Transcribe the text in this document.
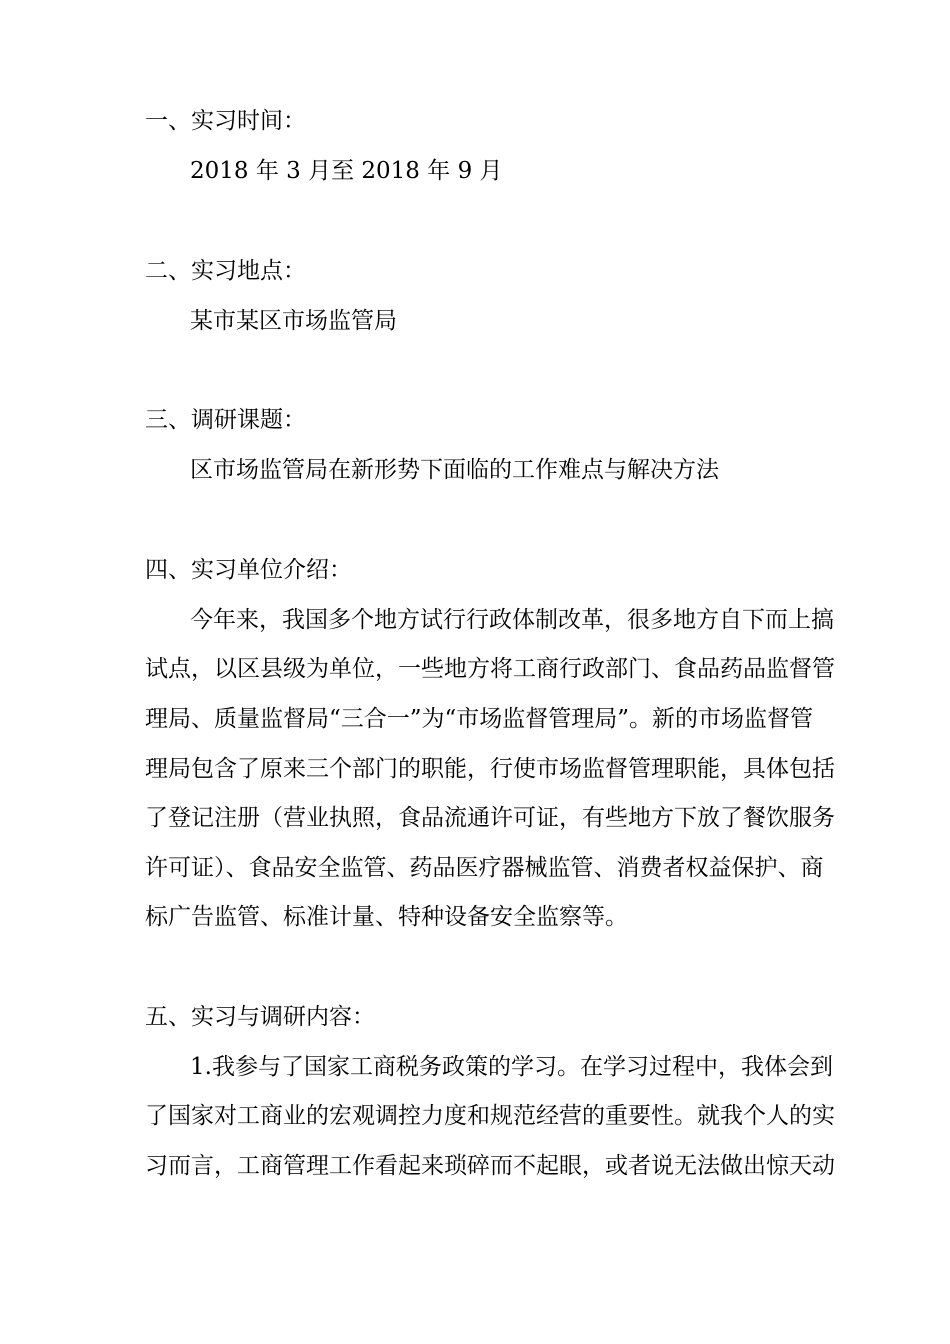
一、实习时间：
2018 年 3 月至 2018 年 9 月
二、实习地点：
某市某区市场监管局
三、调研课题：
区市场监管局在新形势下面临的工作难点与解决方法
四、实习单位介绍：
今年来，我国多个地方试行行政体制改革，很多地方自下而上搞
试点，以区县级为单位，一些地方将工商行政部门、食品药品监督管
理局、质量监督局“三合一”为“市场监督管理局”。新的市场监督管
理局包含了原来三个部门的职能，行使市场监督管理职能，具体包括
了登记注册（营业执照，食品流通许可证，有些地方下放了餐饮服务
许可证）、食品安全监管、药品医疗器械监管、消费者权益保护、商
标广告监管、标准计量、特种设备安全监察等。
五、实习与调研内容：
1.我参与了国家工商税务政策的学习。在学习过程中，我体会到
了国家对工商业的宏观调控力度和规范经营的重要性。就我个人的实
习而言，工商管理工作看起来琐碎而不起眼，或者说无法做出惊天动
